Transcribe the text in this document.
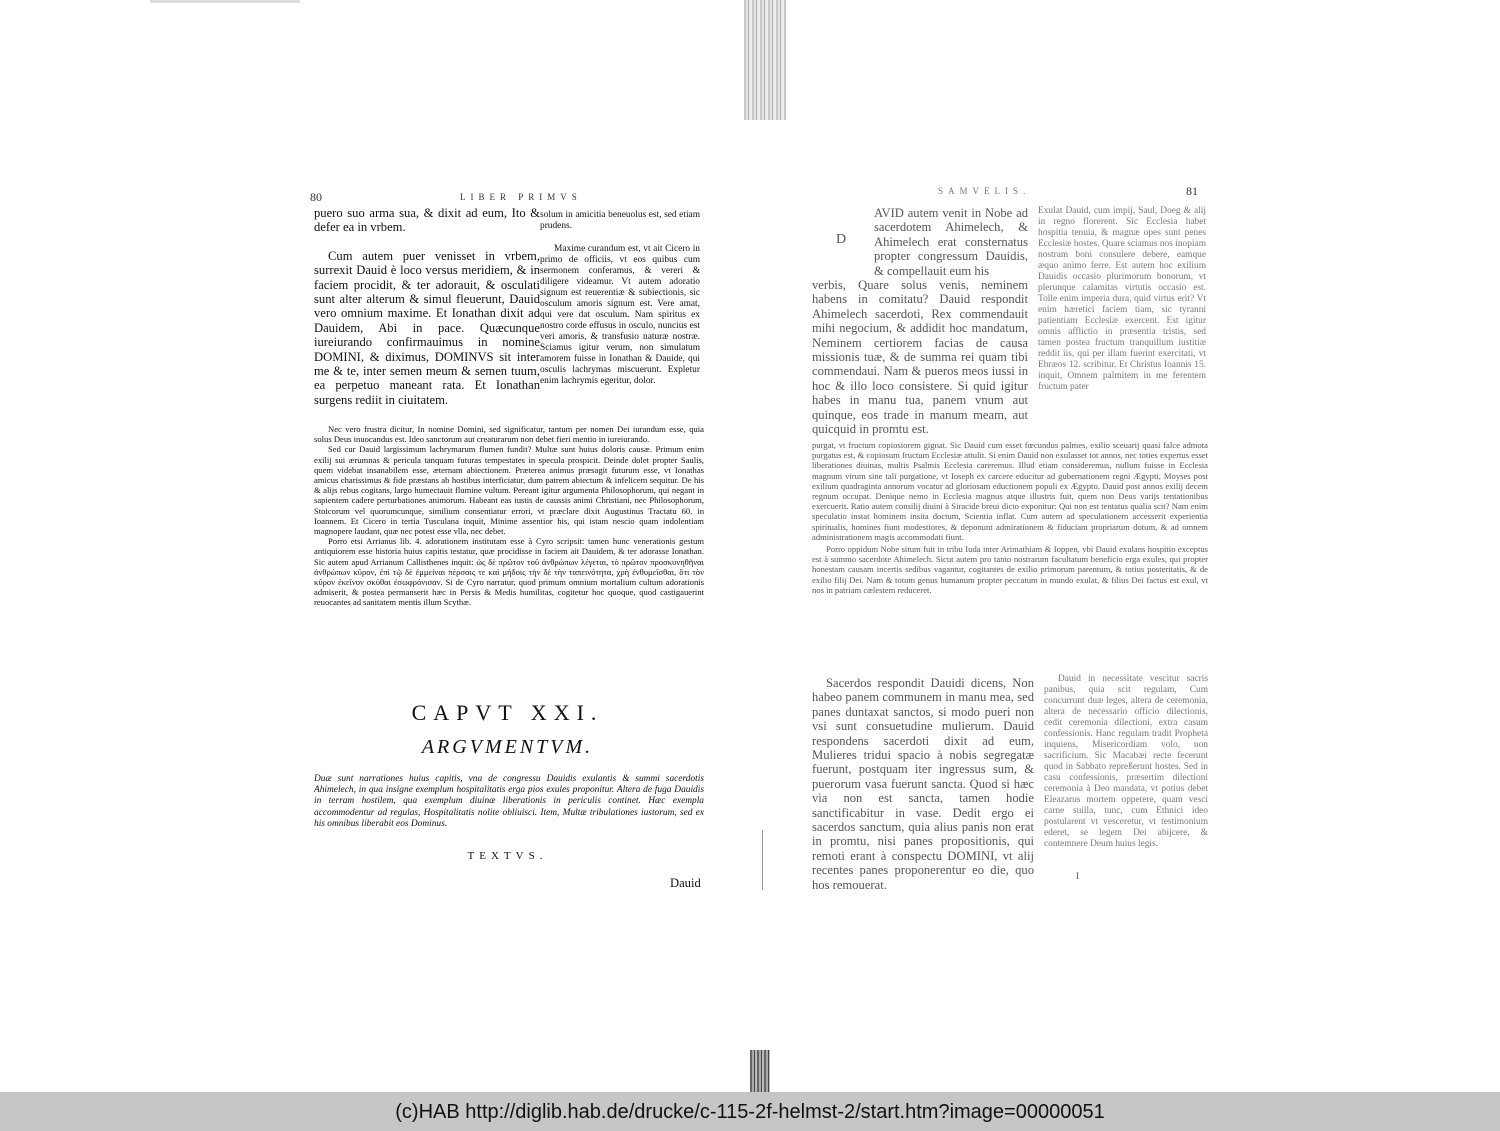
80	LIBER PRIMVS

puero suo arma sua, & dixit ad eum, Ito & defer ea in vrbem.

Cum autem puer venisset in vrbem, surrexit Dauid è loco versus meridiem, & in faciem procidit, & ter adorauit, & osculati sunt alter alterum & simul fleuerunt, Dauid vero omnium maxime. Et Ionathan dixit ad Dauidem, Abi in pace. Quæcunque iureiurando confirmauimus in nomine DOMINI, & diximus, DOMINVS sit inter me & te, inter semen meum & semen tuum, ea perpetuo maneant rata. Et Ionathan surgens rediit in ciuitatem.

solum in amicitia beneuolus est, sed etiam prudens.

Maxime curandum est, vt ait Cicero in primo de officiis, vt eos quibus cum sermonem conferamus, & vereri & diligere videamur. Vt autem adoratio signum est reuerentiæ & subiectionis, sic osculum amoris signum est. Vere amat, qui vere dat osculum. Nam spiritus ex nostro corde effusus in osculo, nuncius est veri amoris, & transfusio naturæ nostræ. Sciamus igitur verum, non simulatum amorem fuisse in Ionathan & Dauide, qui osculis lachrymas miscuerunt. Expletur enim lachrymis egeritur, dolor.

Nec vero frustra dicitur, In nomine Domini, sed significatur, tantum per nomen Dei iurandum esse, quia solus Deus inuocandus est. Ideo sanctorum aut creaturarum non debet fieri mentio in iureiurando.

Sed cur Dauid largissimum lachrymarum flumen fundit? Multæ sunt huius doloris causæ. Primum enim exilij sui ærumnas & pericula tanquam futuras tempestates in specula prospicit. Deinde dolet propter Saulis, quem videbat insanabilem esse, æternam abiectionem. Præterea animus præsagit futurum esse, vt Ionathas amicus charissimus & fide præstans ab hostibus interficiatur, dum patrem abiectum & infelicem sequitur. De his & alijs rebus cogitans, largo humectauit flumine vultum. Pereant igitur argumenta Philosophorum, qui negant in sapientem cadere perturbationes animorum. Habeant eas iustis de caussis animi Christiani, nec Philosophorum, Stoicorum vel quorumcunque, similium consentiatur errori, vt præclare dixit Augustinus Tractatu 60. in Ioannem. Et Cicero in tertia Tusculana inquit, Minime assentior his, qui istam nescio quam indolentiam magnopere laudant, quæ nec potest esse vlla, nec debet.

Porro etsi Arrianus lib. 4. adorationem institutam esse à Cyro scripsit: tamen hunc venerationis gestum antiquiorem esse historia huius capitis testatur, quæ procidisse in faciem ait Dauidem, & ter adorasse Ionathan. Sic autem apud Arrianum Callisthenes inquit: ὡς δὲ πρῶτον τοῦ ἀνθρώπων λέγεται, τὸ πρῶτον προσκυνηθῆναι ἀνθρώπων κῦρον, ἐπὶ τῷ δὲ ἐμμείναι πέρσαις τε καὶ μήδοις τὴν δὲ τὴν ταπεινότητα, χρὴ ἐνθυμεῖσθαι, ὅτι τὸν κῦρον ἐκεῖνον σκύθαι ἐσωφρόνισαν. Si de Cyro narratur, quod primum omnium mortalium cultum adorationis admiserit, & postea permanserit hæc in Persis & Medis humilitas, cogitetur hoc quoque, quod castigauerint reuocantes ad sanitatem mentis illum Scythæ.

CAPVT XXI.
ARGVMENTVM.
Duæ sunt narrationes huius capitis, vna de congressu Dauidis exulantis & summi sacerdotis Ahimelech, in qua insigne exemplum hospitalitatis erga pios exules proponitur. Altera de fuga Dauidis in terram hostilem, qua exemplum diuinæ liberationis in periculis continet. Hæc exempla accommodentur ad regulas, Hospitalitatis nolite obliuisci. Item, Multæ tribulationes iustorum, sed ex his omnibus liberabit eos Dominus.
TEXTVS.
Dauid
SAMVELIS.	81
D
AVID autem venit in Nobe ad sacerdotem Ahimelech, & Ahimelech erat consternatus propter congressum Dauidis, & compellauit eum his
verbis, Quare solus venis, neminem habens in comitatu? Dauid respondit Ahimelech sacerdoti, Rex commendauit mihi negocium, & addidit hoc mandatum, Neminem certiorem facias de causa missionis tuæ, & de summa rei quam tibi commendaui. Nam & pueros meos iussi in hoc & illo loco consistere. Si quid igitur habes in manu tua, panem vnum aut quinque, eos trade in manum meam, aut quicquid in promtu est.
Exulat Dauid, cum impij, Saul, Doeg & alij in regno florerent. Sic Ecclesia habet hospitia tenuia, & magnæ opes sunt penes Ecclesiæ hostes. Quare sciamus nos inopiam nostram boni consulere debere, eamque æquo animo ferre. Est autem hoc exilium Dauidis occasio plurimorum bonorum, vt plerunque calamitas virtutis occasio est. Tolle enim imperia dura, quid virtus erit? Vt enim hæretici faciem tiam, sic tyranni patientiam Ecclesiæ exercent. Est igitur omnis afflictio in præsentia tristis, sed tamen postea fructum tranquillum iustitiæ reddit iis, qui per illam fuerint exercitati, vt Ebræos 12. scribitur. Et Christus Ioannis 15. inquit, Omnem palmitem in me ferentem fructum pater

purgat, vt fructum copiosiorem gignat. Sic Dauid cum esset fœcundus palmes, exilio sceuarij quasi falce admota purgatus est, & copiosum fructum Ecclesiæ attulit. Si enim Dauid non exulasset tot annos, nec toties expertus esset liberationes diuinas, multis Psalmis Ecclesia careremus. Illud etiam consideremus, nullum fuisse in Ecclesia magnum virum sine tali purgatione, vt Ioseph ex carcere educitur ad gubernationem regni Ægypti, Moyses post exilium quadraginta annorum vocatur ad gloriosam eductionem populi ex Ægypto. Dauid post annos exilij decem regnum occupat. Denique nemo in Ecclesia magnus atque illustris fuit, quem non Deus varijs tentationibus exercuerit. Ratio autem consilij diuini à Siracide breui dicto exponitur: Qui non est tentatus qualia scit? Nam enim speculatio instat hominem insita doctum, Scientia inflat. Cum autem ad speculationem accesserit experientia spiritualis, homines fiunt modestiores, & deponunt admirationem & fiduciam propriarum dotum, & ad omnem administrationem magis accommodati fiunt.

Porro oppidum Nobe situm fuit in tribu Iuda inter Arimathiam & Ioppen, vbi Dauid exulans hospitio exceptus est à summo sacerdote Ahimelech. Sicut autem pro tanto nostrarum facultatum beneficio erga exules, qui propter honestam causam incertis sedibus vagantur, cogitantes de exilio primorum parentum, & totius posteritatis, & de exilio filij Dei. Nam & totum genus humanum propter peccatum in mundo exulat, & filius Dei factus est exul, vt nos in patriam cælestem reduceret.

Sacerdos respondit Dauidi dicens, Non habeo panem communem in manu mea, sed panes duntaxat sanctos, si modo pueri non vsi sunt consuetudine mulierum. Dauid respondens sacerdoti dixit ad eum, Mulieres tridui spacio à nobis segregatæ fuerunt, postquam iter ingressus sum, & puerorum vasa fuerunt sancta. Quod si hæc via non est sancta, tamen hodie sanctificabitur in vase. Dedit ergo ei sacerdos sanctum, quia alius panis non erat in promtu, nisi panes propositionis, qui remoti erant à conspectu DOMINI, vt alij recentes panes proponerentur eo die, quo hos remouerat.
Dauid in necessitate vescitur sacris panibus, quia scit regulam, Cum concurrunt duæ leges, altera de ceremonia, altera de necessario officio dilectionis, cedit ceremonia dilectioni, extra casum confessionis. Hanc regulam tradit Propheta inquiens, Misericordiam volo, non sacrificium. Sic Macabæi recte fecerunt quod in Sabbato repreßerunt hostes. Sed in casu confessionis, præsertim dilectioni ceremonia à Deo mandata, vt potius debet Eleazarus mortem oppetere, quam vesci carne suilla, tunc, cum Ethnici ideo postularent vt vesceretur, vt testimonium ederet, se legem Dei abijcere, & contemnere Deum huius legis.
I
(c)HAB http://diglib.hab.de/drucke/c-115-2f-helmst-2/start.htm?image=00000051
